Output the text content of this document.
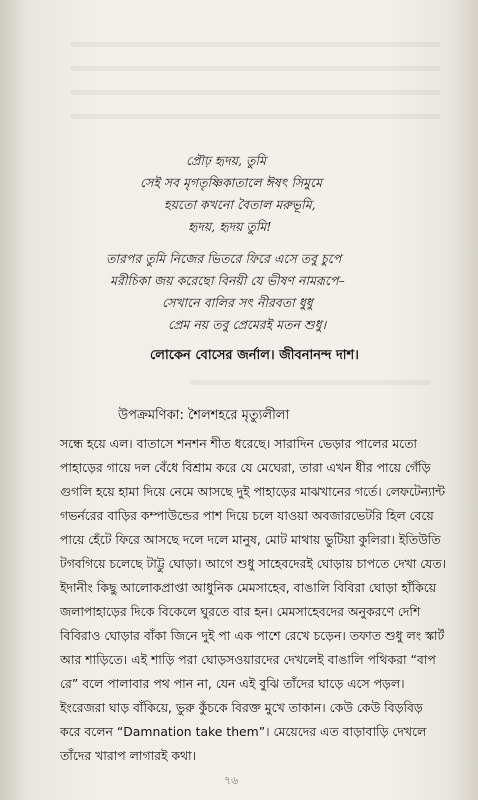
প্রৌঢ় হৃদয়, তুমি
সেই সব মৃগতৃষ্ণিকাতালে ঈষৎ সিমুমে
হয়তো কখনো বৈতাল মরুভূমি,
হৃদয়, হৃদয় তুমি!
তারপর তুমি নিজের ভিতরে ফিরে এসে তবু চুপে
মরীচিকা জয় করেছো বিনয়ী যে ভীষণ নামরূপে–
সেখানে বালির সৎ নীরবতা ধুধু
প্রেম নয় তবু প্রেমেরই মতন শুধু।
লোকেন বোসের জর্নাল। জীবনানন্দ দাশ।
উপক্রমণিকা: শৈলশহরে মৃত্যুলীলা
সন্ধে হয়ে এল। বাতাসে শনশন শীত ধরেছে। সারাদিন ভেড়ার পালের মতো
পাহাড়ের গায়ে দল বেঁধে বিশ্রাম করে যে মেঘেরা, তারা এখন ধীর পায়ে গেঁড়ি
গুগলি হয়ে হামা দিয়ে নেমে আসছে দুই পাহাড়ের মাঝখানের গর্তে। লেফটেন্যান্ট
গভর্নরের বাড়ির কম্পাউন্ডের পাশ দিয়ে চলে যাওয়া অবজারভেটরি হিল বেয়ে
পায়ে হেঁটে ফিরে আসছে দলে দলে মানুষ, মোট মাথায় ভুটিয়া কুলিরা। ইতিউতি
টগবগিয়ে চলেছে টাট্টু ঘোড়া। আগে শুধু সাহেবদেরই ঘোড়ায় চাপতে দেখা যেত।
ইদানীং কিছু আলোকপ্রাপ্তা আধুনিক মেমসাহেব, বাঙালি বিবিরা ঘোড়া হাঁকিয়ে
জলাপাহাড়ের দিকে বিকেলে ঘুরতে বার হন। মেমসাহেবদের অনুকরণে দেশি
বিবিরাও ঘোড়ার বাঁকা জিনে দুই পা এক পাশে রেখে চড়েন। তফাত শুধু লং স্কার্ট
আর শাড়িতে। এই শাড়ি পরা ঘোড়সওয়ারদের দেখলেই বাঙালি পথিকরা “বাপ
রে” বলে পালাবার পথ পান না, যেন এই বুঝি তাঁদের ঘাড়ে এসে পড়ল।
ইংরেজরা ঘাড় বাঁকিয়ে, ভুরু কুঁচকে বিরক্ত মুখে তাকান। কেউ কেউ বিড়বিড়
করে বলেন “Damnation take them”। মেয়েদের এত বাড়াবাড়ি দেখলে
তাঁদের খারাপ লাগারই কথা।
৭৬
